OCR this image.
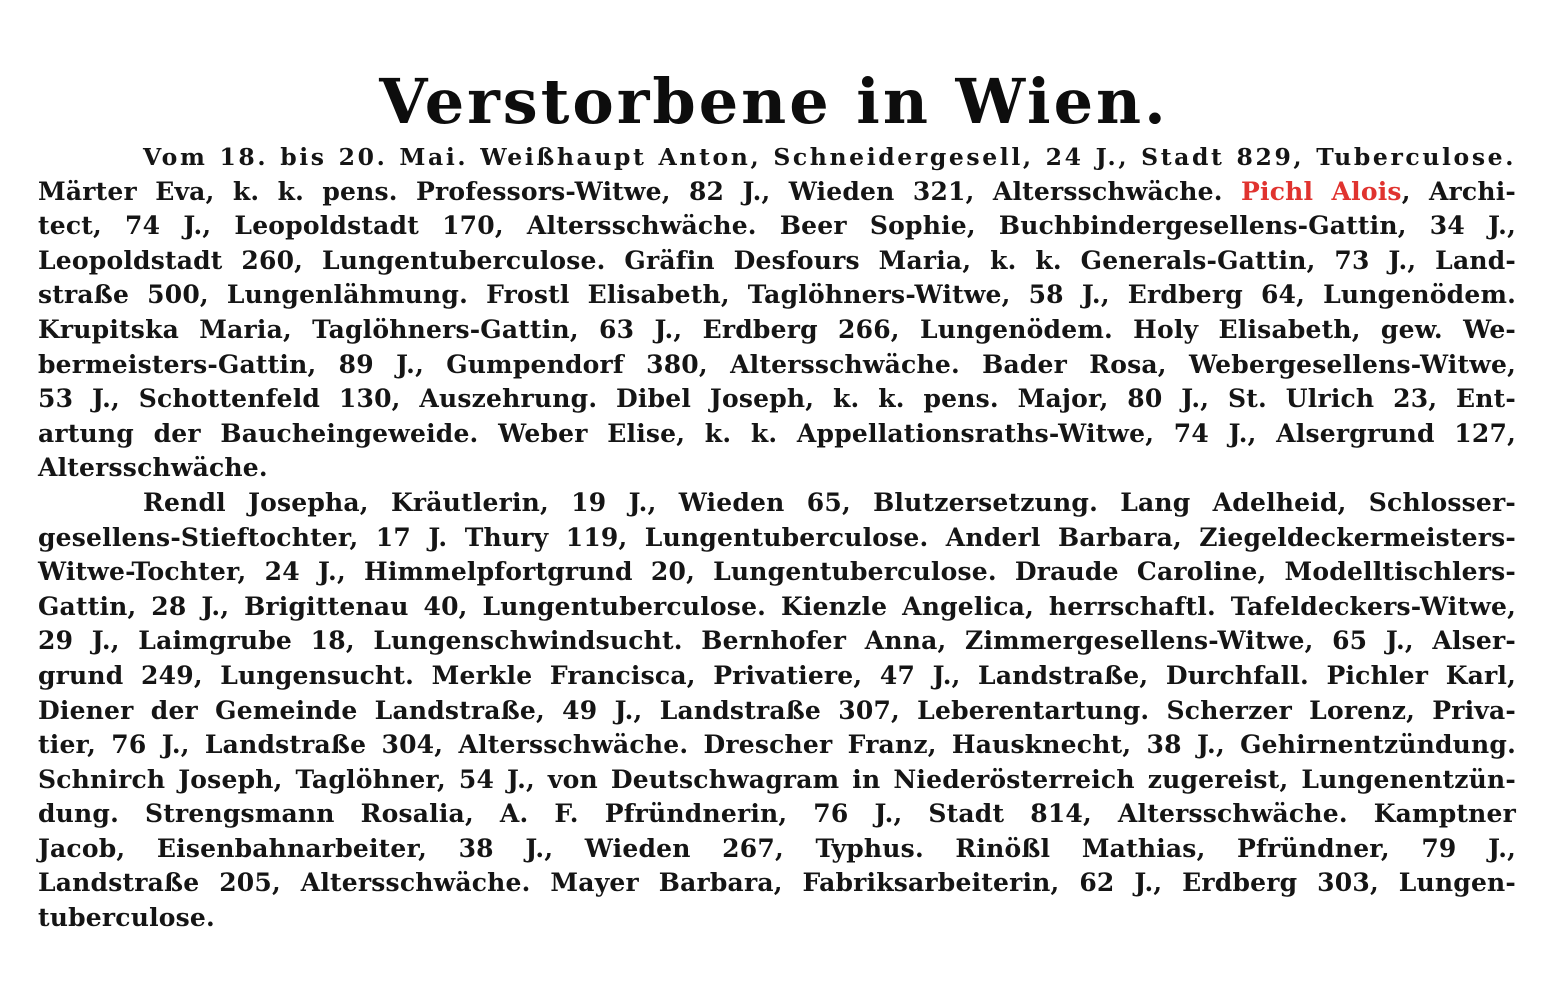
Verstorbene in Wien.
Vom 18. bis 20. Mai. Weißhaupt Anton, Schneidergesell, 24 J., Stadt 829, Tuberculose.
Märter Eva, k. k. pens. Professors-Witwe, 82 J., Wieden 321, Altersschwäche. Pichl Alois, Archi-
tect, 74 J., Leopoldstadt 170, Altersschwäche. Beer Sophie, Buchbindergesellens-Gattin, 34 J.,
Leopoldstadt 260, Lungentuberculose. Gräfin Desfours Maria, k. k. Generals-Gattin, 73 J., Land-
straße 500, Lungenlähmung. Frostl Elisabeth, Taglöhners-Witwe, 58 J., Erdberg 64, Lungenödem.
Krupitska Maria, Taglöhners-Gattin, 63 J., Erdberg 266, Lungenödem. Holy Elisabeth, gew. We-
bermeisters-Gattin, 89 J., Gumpendorf 380, Altersschwäche. Bader Rosa, Webergesellens-Witwe,
53 J., Schottenfeld 130, Auszehrung. Dibel Joseph, k. k. pens. Major, 80 J., St. Ulrich 23, Ent-
artung der Baucheingeweide. Weber Elise, k. k. Appellationsraths-Witwe, 74 J., Alsergrund 127,
Altersschwäche.
Rendl Josepha, Kräutlerin, 19 J., Wieden 65, Blutzersetzung. Lang Adelheid, Schlosser-
gesellens-Stieftochter, 17 J. Thury 119, Lungentuberculose. Anderl Barbara, Ziegeldeckermeisters-
Witwe-Tochter, 24 J., Himmelpfortgrund 20, Lungentuberculose. Draude Caroline, Modelltischlers-
Gattin, 28 J., Brigittenau 40, Lungentuberculose. Kienzle Angelica, herrschaftl. Tafeldeckers-Witwe,
29 J., Laimgrube 18, Lungenschwindsucht. Bernhofer Anna, Zimmergesellens-Witwe, 65 J., Alser-
grund 249, Lungensucht. Merkle Francisca, Privatiere, 47 J., Landstraße, Durchfall. Pichler Karl,
Diener der Gemeinde Landstraße, 49 J., Landstraße 307, Leberentartung. Scherzer Lorenz, Priva-
tier, 76 J., Landstraße 304, Altersschwäche. Drescher Franz, Hausknecht, 38 J., Gehirnentzündung.
Schnirch Joseph, Taglöhner, 54 J., von Deutschwagram in Niederösterreich zugereist, Lungenentzün-
dung. Strengsmann Rosalia, A. F. Pfründnerin, 76 J., Stadt 814, Altersschwäche. Kamptner
Jacob, Eisenbahnarbeiter, 38 J., Wieden 267, Typhus. Rinößl Mathias, Pfründner, 79 J.,
Landstraße 205, Altersschwäche. Mayer Barbara, Fabriksarbeiterin, 62 J., Erdberg 303, Lungen-
tuberculose.
